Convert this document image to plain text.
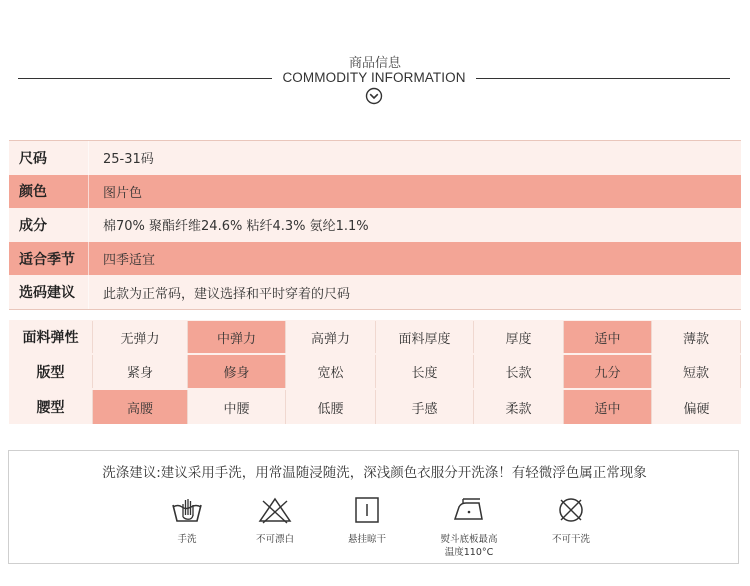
商品信息
COMMODITY INFORMATION
尺码	25-31码
颜色	图片色
成分	棉70% 聚酯纤维24.6% 粘纤4.3% 氨纶1.1%
适合季节	四季适宜
选码建议	此款为正常码，建议选择和平时穿着的尺码
面料弹性	无弹力	中弹力	高弹力	面料厚度	厚度	适中	薄款
版型	紧身	修身	宽松	长度	长款	九分	短款
腰型	高腰	中腰	低腰	手感	柔款	适中	偏硬
洗涤建议:建议采用手洗，用常温随浸随洗，深浅颜色衣服分开洗涤！有轻微浮色属正常现象
手洗	不可漂白	悬挂晾干	熨斗底板最高
温度110°C
不可干洗
